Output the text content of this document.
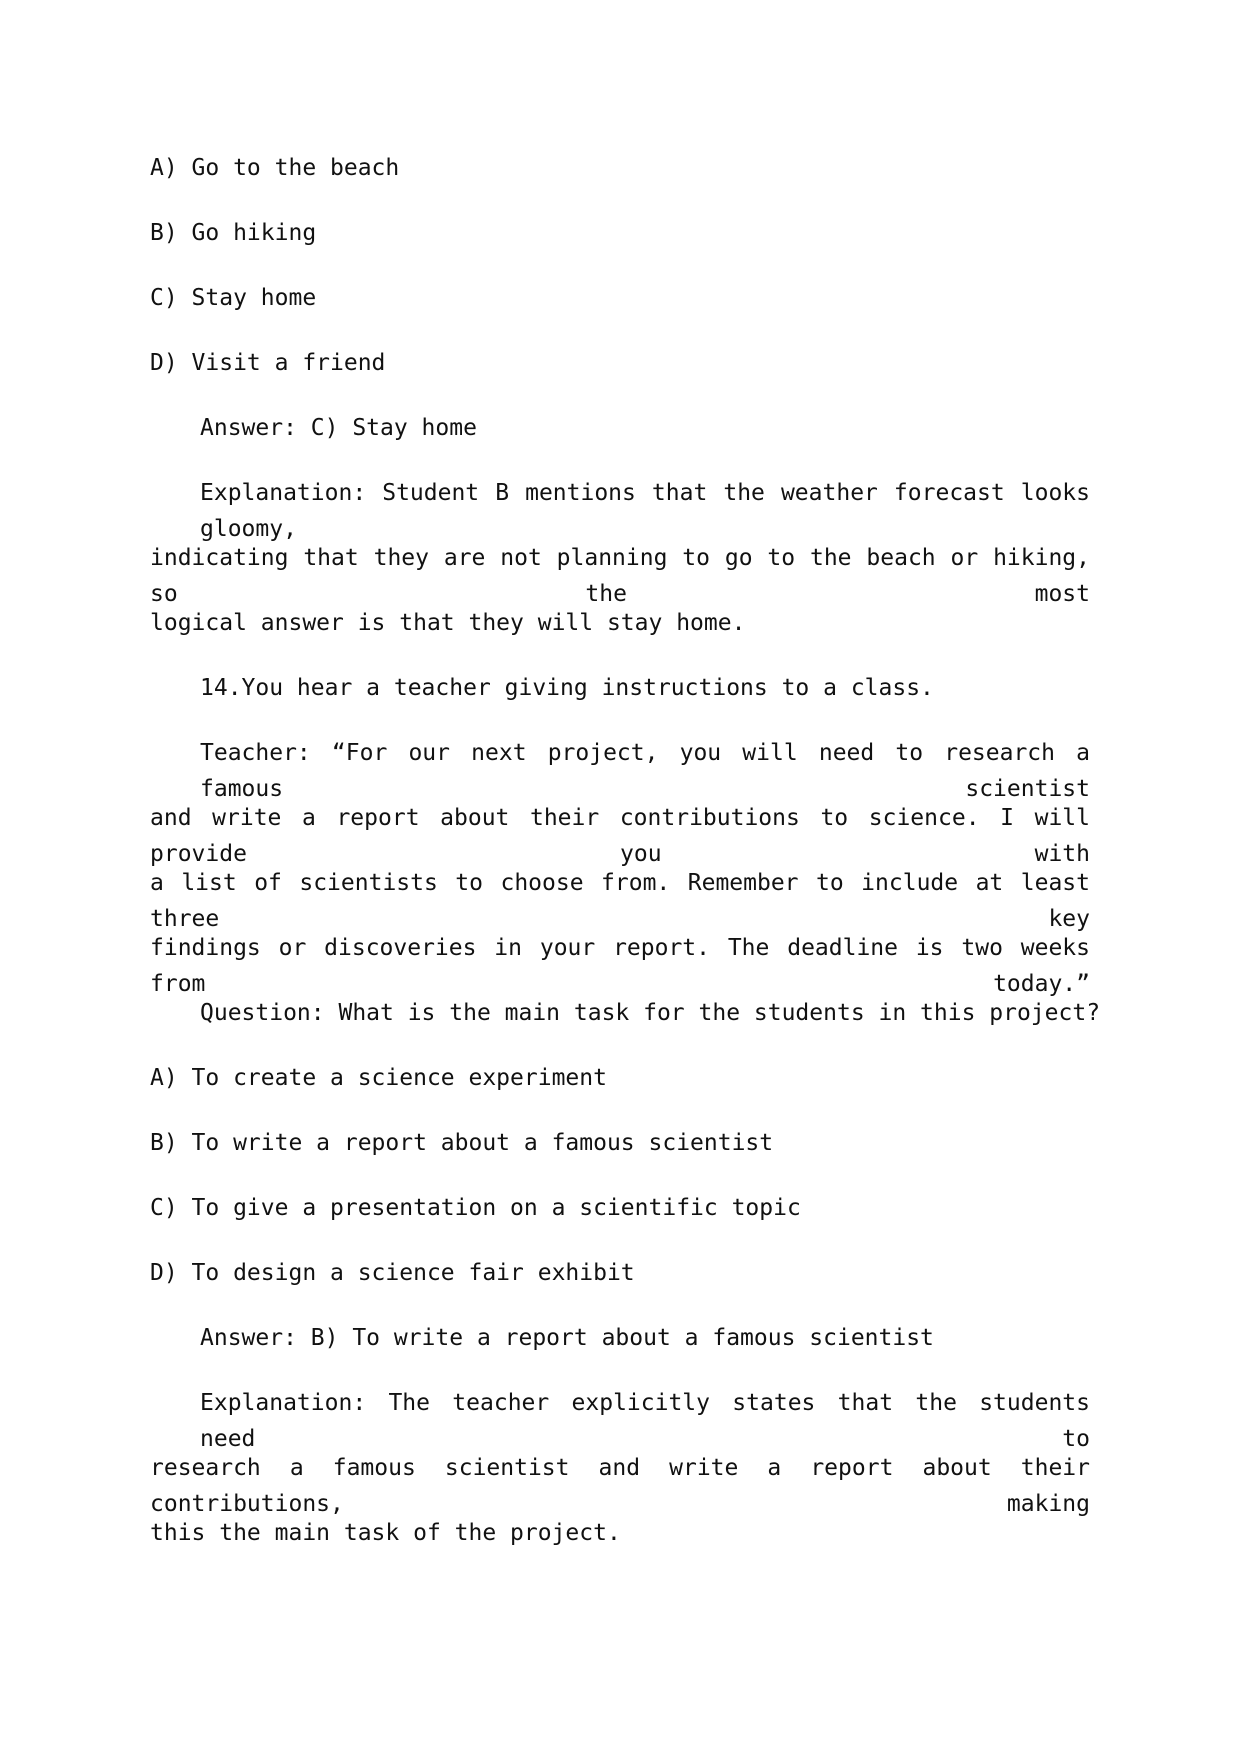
A) Go to the beach
B) Go hiking
C) Stay home
D) Visit a friend
Answer: C) Stay home
Explanation: Student B mentions that the weather forecast looks gloomy,
indicating that they are not planning to go to the beach or hiking, so the most
logical answer is that they will stay home.
14.You hear a teacher giving instructions to a class.
Teacher: “For our next project, you will need to research a famous scientist
and write a report about their contributions to science. I will provide you with
a list of scientists to choose from. Remember to include at least three key
findings or discoveries in your report. The deadline is two weeks from today.”
Question: What is the main task for the students in this project?
A) To create a science experiment
B) To write a report about a famous scientist
C) To give a presentation on a scientific topic
D) To design a science fair exhibit
Answer: B) To write a report about a famous scientist
Explanation: The teacher explicitly states that the students need to
research a famous scientist and write a report about their contributions, making
this the main task of the project.
